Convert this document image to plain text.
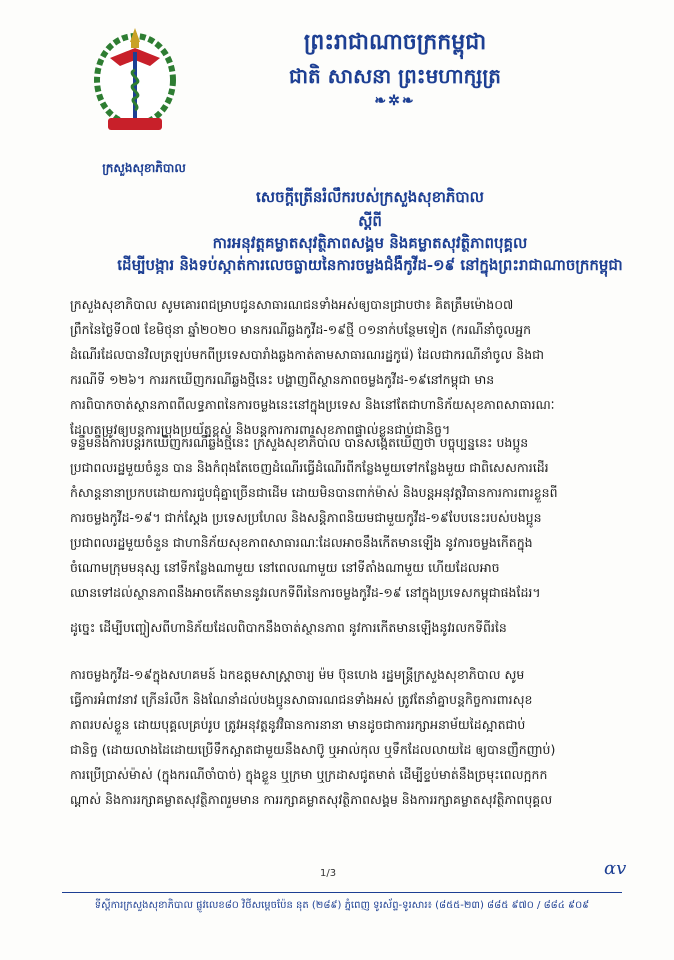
ក្រសួងសុខាភិបាល
ព្រះរាជាណាចក្រកម្ពុជា
ជាតិ សាសនា ព្រះមហាក្សត្រ
❧✲❧
សេចក្តីត្រើនរំលឹករបស់ក្រសួងសុខាភិបាល
ស្តីពី
ការអនុវត្តគម្លាតសុវត្ថិភាពសង្គម និងគម្លាតសុវត្ថិភាពបុគ្គល
ដើម្បីបង្ការ និងទប់ស្កាត់ការលេចធ្លាយនៃការចម្លងជំងឺកូវីដ-១៩ នៅក្នុងព្រះរាជាណាចក្រកម្ពុជា
ក្រសួងសុខាភិបាល សូមគោរពជម្រាបជូនសាធារណជនទាំងអស់ឲ្យបានជ្រាបថា៖ គិតត្រឹមម៉ោង០៧
ព្រឹកនៃថ្ងៃទី០៧ ខែមិថុនា ឆ្នាំ២០២០ មានករណីឆ្លងកូវីដ-១៩ថ្មី ០១នាក់បន្ថែមទៀត (ករណីនាំចូលអ្នក
ដំណើរដែលបានវិលត្រឡប់មកពីប្រទេសបារាំងឆ្លងកាត់តាមសាធារណរដ្ឋកូរ៉េ) ដែលជាករណីនាំចូល និងជា
ករណីទី ១២៦។ ការរកឃើញករណីឆ្លងថ្មីនេះ បង្ហាញពីស្ថានភាពចម្លងកូវីដ-១៩នៅកម្ពុជា មាន
ការពិបាកចាត់ស្ថានភាពពីលទ្ធភាពនៃការចម្លងនេះនៅក្នុងប្រទេស និងនៅតែជាហានិភ័យសុខភាពសាធារណៈ
ដែលតម្រូវឲ្យបន្តការប្រុងប្រយ័ត្នខ្ពស់ និងបន្តការការពារសុខភាពផ្ទាល់ខ្លួនជាប់ជានិច្ច។
ទន្ទឹមនឹងការបន្តរកឃើញករណីឆ្លងថ្មីនេះ ក្រសួងសុខាភិបាល បានសង្កេតឃើញថា បច្ចុប្បន្ននេះ បងប្អូន
ប្រជាពលរដ្ឋមួយចំនួន បាន និងកំពុងតែចេញដំណើរធ្វើដំណើរពីកន្លែងមួយទៅកន្លែងមួយ ជាពិសេសការដើរ
កំសាន្តនានាប្រកបដោយការជួបជុំគ្នាច្រើនជាដើម ដោយមិនបានពាក់ម៉ាស់ និងបន្តអនុវត្តវិធានការការពារខ្លួនពី
ការចម្លងកូវីដ-១៩។ ជាក់ស្តែង ប្រទេសប្រហែល និងសន្តិភាពនិយមជាមួយកូវីដ-១៩បែបនេះរបស់បងប្អូន
ប្រជាពលរដ្ឋមួយចំនួន ជាហានិភ័យសុខភាពសាធារណៈដែលអាចនឹងកើតមានឡើង នូវការចម្លងកើតក្នុង
ចំណោមក្រុមមនុស្ស នៅទីកន្លែងណាមួយ នៅពេលណាមួយ នៅទីតាំងណាមួយ ហើយដែលអាច
ឈានទៅដល់ស្ថានភាពនឹងអាចកើតមាននូវរលកទីពីរនៃការចម្លងកូវីដ-១៩ នៅក្នុងប្រទេសកម្ពុជាផងដែរ។
ដូច្នេះ ដើម្បីបញ្ចៀសពីហានិភ័យដែលពិបាកនឹងចាត់ស្ថានភាព នូវការកើតមានឡើងនូវរលកទីពីរនៃ
ការចម្លងកូវីដ-១៩ក្នុងសហគមន៍ ឯកឧត្តមសាស្ត្រាចារ្យ ម៉ម ប៊ុនហេង រដ្ឋមន្ត្រីក្រសួងសុខាភិបាល សូម
ធ្វើការអំពាវនាវ ក្រើនរំលឹក និងណែនាំដល់បងប្អូនសាធារណជនទាំងអស់ ត្រូវតែនាំគ្នាបន្តកិច្ចការពារសុខ
ភាពរបស់ខ្លួន ដោយបុគ្គលគ្រប់រូប ត្រូវអនុវត្តនូវវិធានការនានា មានដូចជាការរក្សាអនាម័យដៃស្អាតជាប់
ជានិច្ច (ដោយលាងដៃដោយប្រើទឹកស្អាតជាមួយនឹងសាប៊ូ ឬអាល់កុល ឬទឹកដែលលាយដៃ ឲ្យបានញឹកញាប់)
ការប្រើប្រាស់ម៉ាស់ (ក្នុងករណីចាំបាច់) ក្នុងខ្លួន ឬក្រមា ឬក្រដាសជូតមាត់ ដើម្បីខ្ទប់មាត់នឹងច្រមុះពេលក្អកក
ណ្តាស់ និងការរក្សាគម្លាតសុវត្ថិភាពរួមមាន ការរក្សាគម្លាតសុវត្ថិភាពសង្គម និងការរក្សាគម្លាតសុវត្ថិភាពបុគ្គល
1/3	ɑv
ទីស្តីការក្រសួងសុខាភិបាល ផ្លូវលេខ៨០ វិថីសម្តេចប៉ែន នុត (២៨៩) ភ្នំពេញ ទូរស័ព្ទ-ទូរសារ៖ (៨៥៥-២៣) ៨៨៥ ៩៧០ / ៨៨៤ ៩០៩
